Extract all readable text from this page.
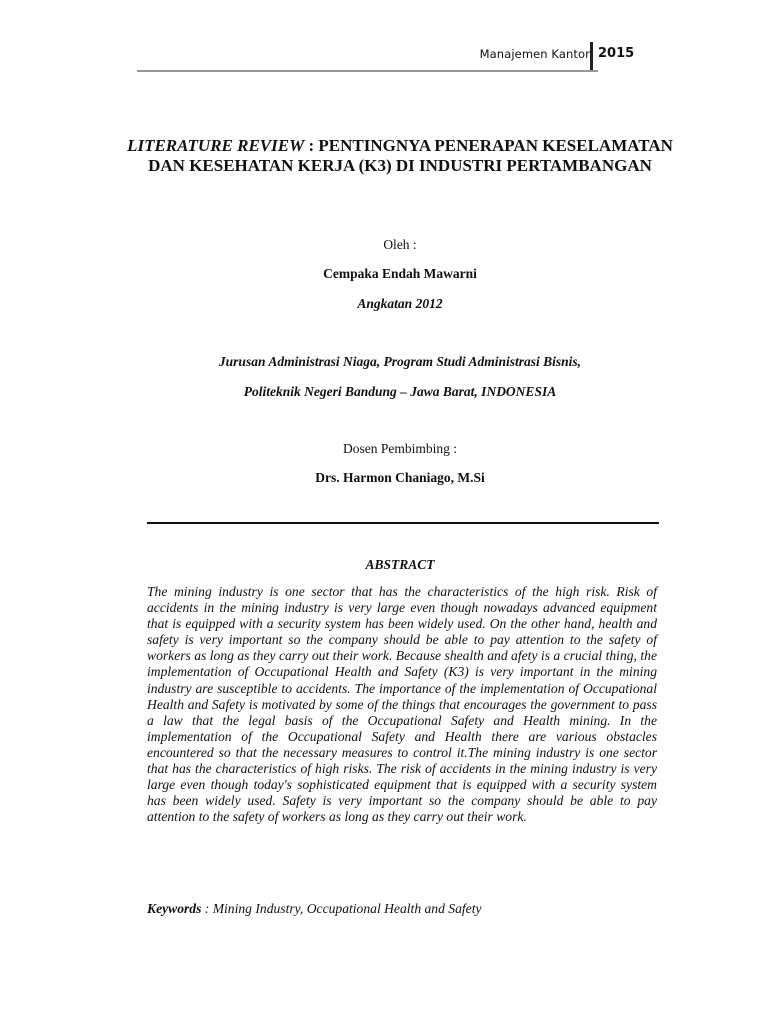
Manajemen Kantor 2015
LITERATURE REVIEW : PENTINGNYA PENERAPAN KESELAMATAN DAN KESEHATAN KERJA (K3) DI INDUSTRI PERTAMBANGAN

Oleh :

Cempaka Endah Mawarni

Angkatan 2012

Jurusan Administrasi Niaga, Program Studi Administrasi Bisnis,

Politeknik Negeri Bandung – Jawa Barat, INDONESIA

Dosen Pembimbing :

Drs. Harmon Chaniago, M.Si

ABSTRACT

The mining industry is one sector that has the characteristics of the high risk. Risk of accidents in the mining industry is very large even though nowadays advanced equipment that is equipped with a security system has been widely used. On the other hand, health and safety is very important so the company should be able to pay attention to the safety of workers as long as they carry out their work. Because shealth and afety is a crucial thing, the implementation of Occupational Health and Safety (K3) is very important in the mining industry are susceptible to accidents. The importance of the implementation of Occupational Health and Safety is motivated by some of the things that encourages the government to pass a law that the legal basis of the Occupational Safety and Health mining. In the implementation of the Occupational Safety and Health there are various obstacles encountered so that the necessary measures to control it.The mining industry is one sector that has the characteristics of high risks. The risk of accidents in the mining industry is very large even though today's sophisticated equipment that is equipped with a security system has been widely used. Safety is very important so the company should be able to pay attention to the safety of workers as long as they carry out their work.

Keywords : Mining Industry, Occupational Health and Safety
